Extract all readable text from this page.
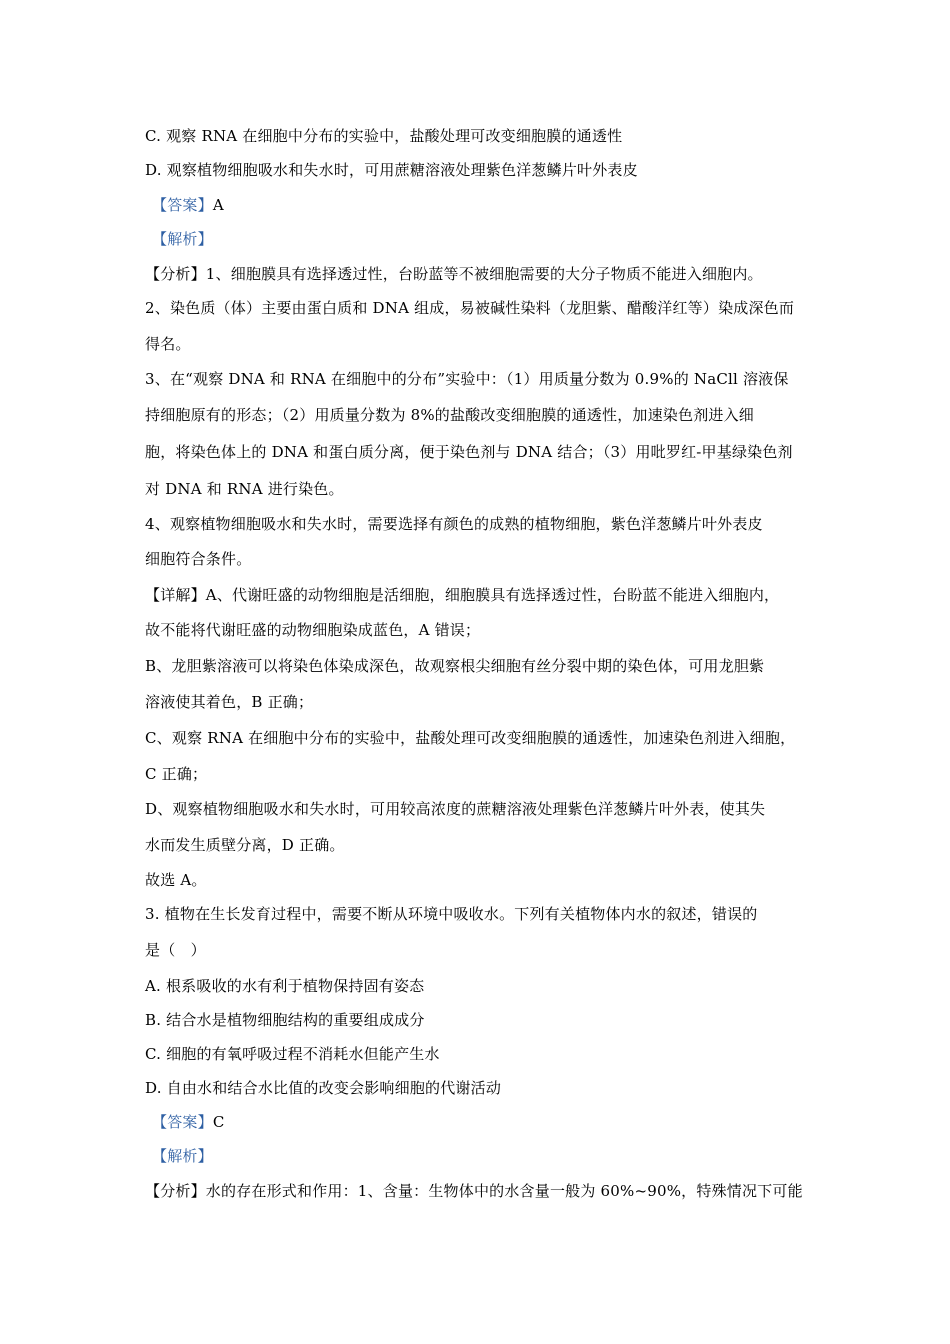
C. 观察 RNA 在细胞中分布的实验中，盐酸处理可改变细胞膜的通透性
D. 观察植物细胞吸水和失水时，可用蔗糖溶液处理紫色洋葱鳞片叶外表皮
【答案】A
【解析】
【分析】1、细胞膜具有选择透过性，台盼蓝等不被细胞需要的大分子物质不能进入细胞内。
2、染色质（体）主要由蛋白质和 DNA 组成，易被碱性染料（龙胆紫、醋酸洋红等）染成深色而
得名。
3、在“观察 DNA 和 RNA 在细胞中的分布”实验中：（1）用质量分数为 0.9%的 NaCll 溶液保
持细胞原有的形态；（2）用质量分数为 8%的盐酸改变细胞膜的通透性，加速染色剂进入细
胞，将染色体上的 DNA 和蛋白质分离，便于染色剂与 DNA 结合；（3）用吡罗红-甲基绿染色剂
对 DNA 和 RNA 进行染色。
4、观察植物细胞吸水和失水时，需要选择有颜色的成熟的植物细胞，紫色洋葱鳞片叶外表皮
细胞符合条件。
【详解】A、代谢旺盛的动物细胞是活细胞，细胞膜具有选择透过性，台盼蓝不能进入细胞内，
故不能将代谢旺盛的动物细胞染成蓝色，A 错误；
B、龙胆紫溶液可以将染色体染成深色，故观察根尖细胞有丝分裂中期的染色体，可用龙胆紫
溶液使其着色，B 正确；
C、观察 RNA 在细胞中分布的实验中，盐酸处理可改变细胞膜的通透性，加速染色剂进入细胞，
C 正确；
D、观察植物细胞吸水和失水时，可用较高浓度的蔗糖溶液处理紫色洋葱鳞片叶外表，使其失
水而发生质壁分离，D 正确。
故选 A。
3. 植物在生长发育过程中，需要不断从环境中吸收水。下列有关植物体内水的叙述，错误的
是（　）
A. 根系吸收的水有利于植物保持固有姿态
B. 结合水是植物细胞结构的重要组成成分
C. 细胞的有氧呼吸过程不消耗水但能产生水
D. 自由水和结合水比值的改变会影响细胞的代谢活动
【答案】C
【解析】
【分析】水的存在形式和作用：1、含量：生物体中的水含量一般为 60%~90%，特殊情况下可能
